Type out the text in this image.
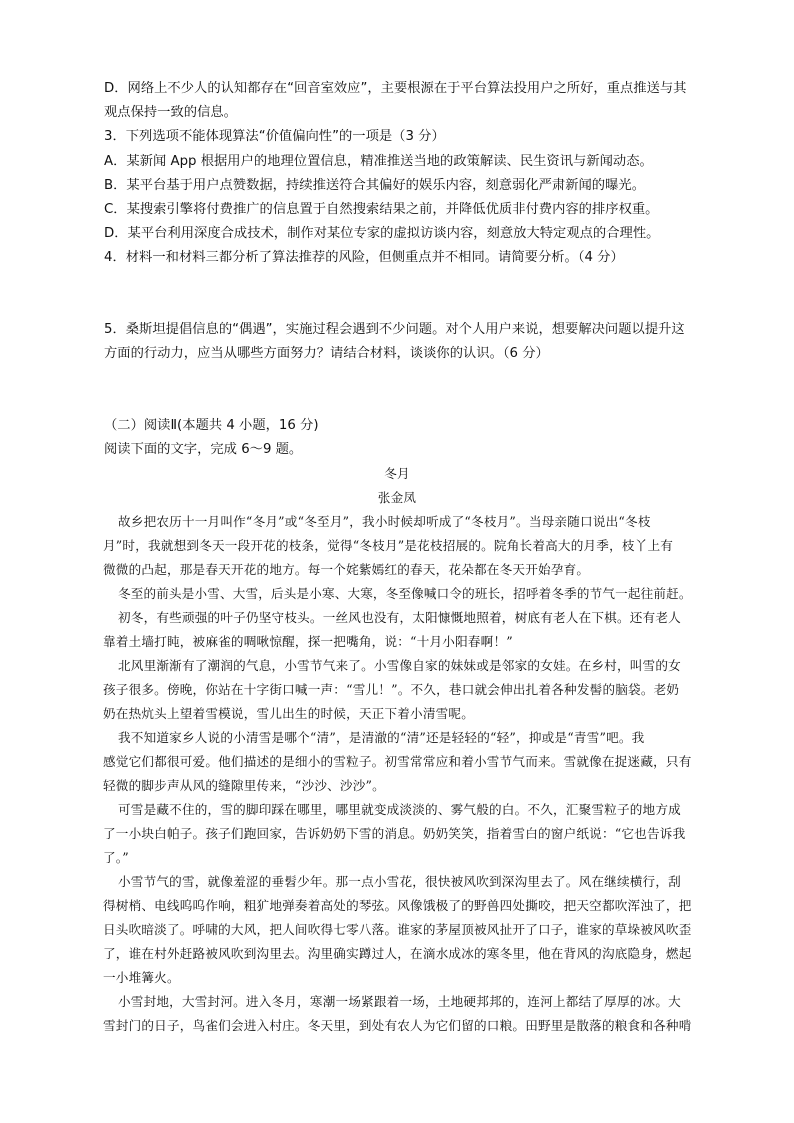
D．网络上不少人的认知都存在“回音室效应”，主要根源在于平台算法投用户之所好，重点推送与其
观点保持一致的信息。
3．下列选项不能体现算法“价值偏向性”的一项是（3 分）
A．某新闻 App 根据用户的地理位置信息，精准推送当地的政策解读、民生资讯与新闻动态。
B．某平台基于用户点赞数据，持续推送符合其偏好的娱乐内容，刻意弱化严肃新闻的曝光。
C．某搜索引擎将付费推广的信息置于自然搜索结果之前，并降低优质非付费内容的排序权重。
D．某平台利用深度合成技术，制作对某位专家的虚拟访谈内容，刻意放大特定观点的合理性。
4．材料一和材料三都分析了算法推荐的风险，但侧重点并不相同。请简要分析。（4 分）
5．桑斯坦提倡信息的“偶遇”，实施过程会遇到不少问题。对个人用户来说，想要解决问题以提升这
方面的行动力，应当从哪些方面努力？请结合材料，谈谈你的认识。（6 分）
（二）阅读Ⅱ(本题共 4 小题，16 分)
阅读下面的文字，完成 6～9 题。
冬月
张金凤
故乡把农历十一月叫作“冬月”或“冬至月”，我小时候却听成了“冬枝月”。当母亲随口说出“冬枝
月”时，我就想到冬天一段开花的枝条，觉得“冬枝月”是花枝招展的。院角长着高大的月季，枝丫上有
微微的凸起，那是春天开花的地方。每一个姹紫嫣红的春天，花朵都在冬天开始孕育。
冬至的前头是小雪、大雪，后头是小寒、大寒，冬至像喊口令的班长，招呼着冬季的节气一起往前赶。
初冬，有些顽强的叶子仍坚守枝头。一丝风也没有，太阳慷慨地照着，树底有老人在下棋。还有老人
靠着土墙打盹，被麻雀的啁啾惊醒，探一把嘴角，说：“十月小阳春啊！”
北风里渐渐有了潮润的气息，小雪节气来了。小雪像自家的妹妹或是邻家的女娃。在乡村，叫雪的女
孩子很多。傍晚，你站在十字街口喊一声：“雪儿！”。不久，巷口就会伸出扎着各种发髻的脑袋。老奶
奶在热炕头上望着雪模说，雪儿出生的时候，天正下着小清雪呢。
我不知道家乡人说的小清雪是哪个“清”，是清澈的“清”还是轻轻的“轻”，抑或是“青雪”吧。我
感觉它们都很可爱。他们描述的是细小的雪粒子。初雪常常应和着小雪节气而来。雪就像在捉迷藏，只有
轻微的脚步声从风的缝隙里传来，“沙沙、沙沙”。
可雪是藏不住的，雪的脚印踩在哪里，哪里就变成淡淡的、雾气般的白。不久，汇聚雪粒子的地方成
了一小块白帕子。孩子们跑回家，告诉奶奶下雪的消息。奶奶笑笑，指着雪白的窗户纸说：“它也告诉我
了。”
小雪节气的雪，就像羞涩的垂髫少年。那一点小雪花，很快被风吹到深沟里去了。风在继续横行，刮
得树梢、电线呜呜作响，粗犷地弹奏着高处的琴弦。风像饿极了的野兽四处撕咬，把天空都吹浑浊了，把
日头吹暗淡了。呼啸的大风，把人间吹得七零八落。谁家的茅屋顶被风扯开了口子，谁家的草垛被风吹歪
了，谁在村外赶路被风吹到沟里去。沟里确实蹲过人，在滴水成冰的寒冬里，他在背风的沟底隐身，燃起
一小堆篝火。
小雪封地，大雪封河。进入冬月，寒潮一场紧跟着一场，土地硬邦邦的，连河上都结了厚厚的冰。大
雪封门的日子，鸟雀们会进入村庄。冬天里，到处有农人为它们留的口粮。田野里是散落的粮食和各种啃
